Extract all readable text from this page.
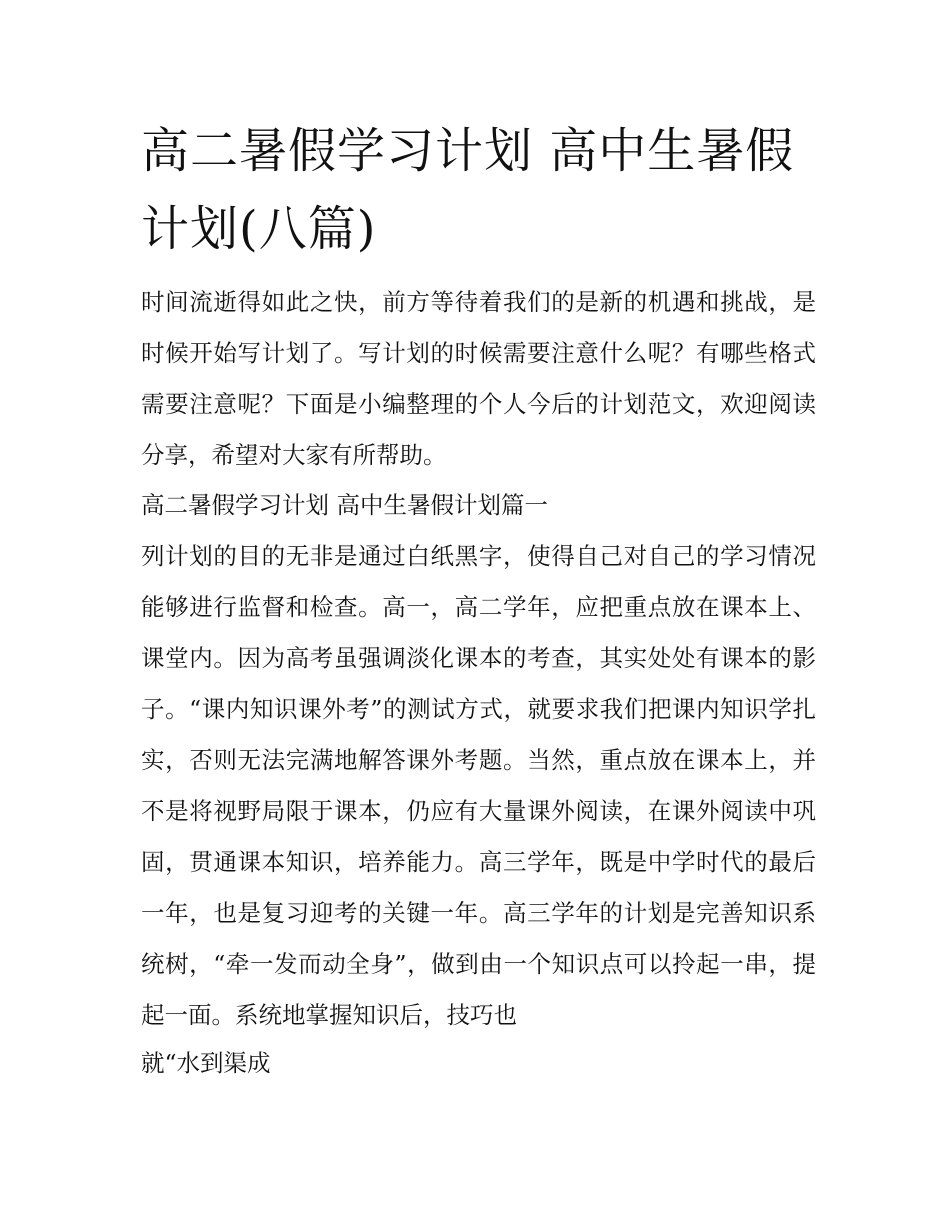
高二暑假学习计划 高中生暑假计划(八篇)

时间流逝得如此之快，前方等待着我们的是新的机遇和挑战，是时候开始写计划了。写计划的时候需要注意什么呢？有哪些格式需要注意呢？下面是小编整理的个人今后的计划范文，欢迎阅读分享，希望对大家有所帮助。

高二暑假学习计划 高中生暑假计划篇一

列计划的目的无非是通过白纸黑字，使得自己对自己的学习情况能够进行监督和检查。高一，高二学年，应把重点放在课本上、课堂内。因为高考虽强调淡化课本的考查，其实处处有课本的影子。“课内知识课外考”的测试方式，就要求我们把课内知识学扎实，否则无法完满地解答课外考题。当然，重点放在课本上，并不是将视野局限于课本，仍应有大量课外阅读，在课外阅读中巩固，贯通课本知识，培养能力。高三学年，既是中学时代的最后一年，也是复习迎考的关键一年。高三学年的计划是完善知识系统树，“牵一发而动全身”，做到由一个知识点可以拎起一串，提起一面。系统地掌握知识后，技巧也

就“水到渠成
